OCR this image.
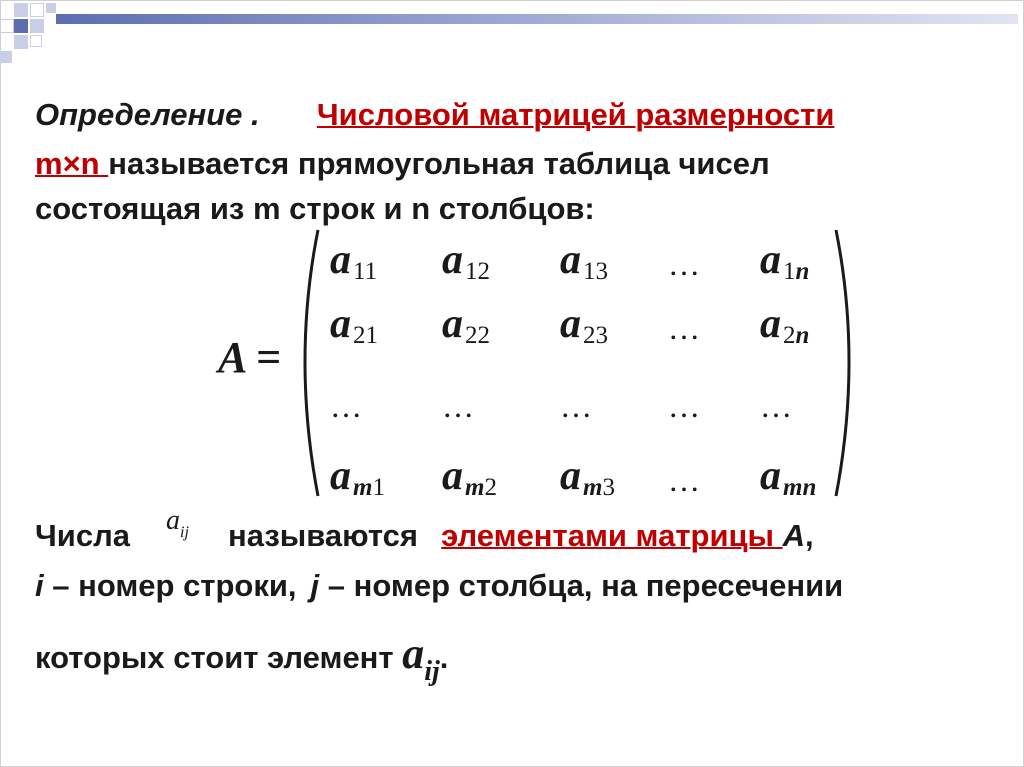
Определение . Числовой матрицей размерности
m×n называется прямоугольная таблица чисел
состоящая из m строк и n столбцов:
A =
a11 a12 a13 … a1n
a21 a22 a23 … a2n
… …	… … …
am1 am2 am3 … amn
Числа $a_{ij}$ называются элементами матрицы A,
i – номер строки, j – номер столбца, на пересечении
которых стоит элемент aij.
